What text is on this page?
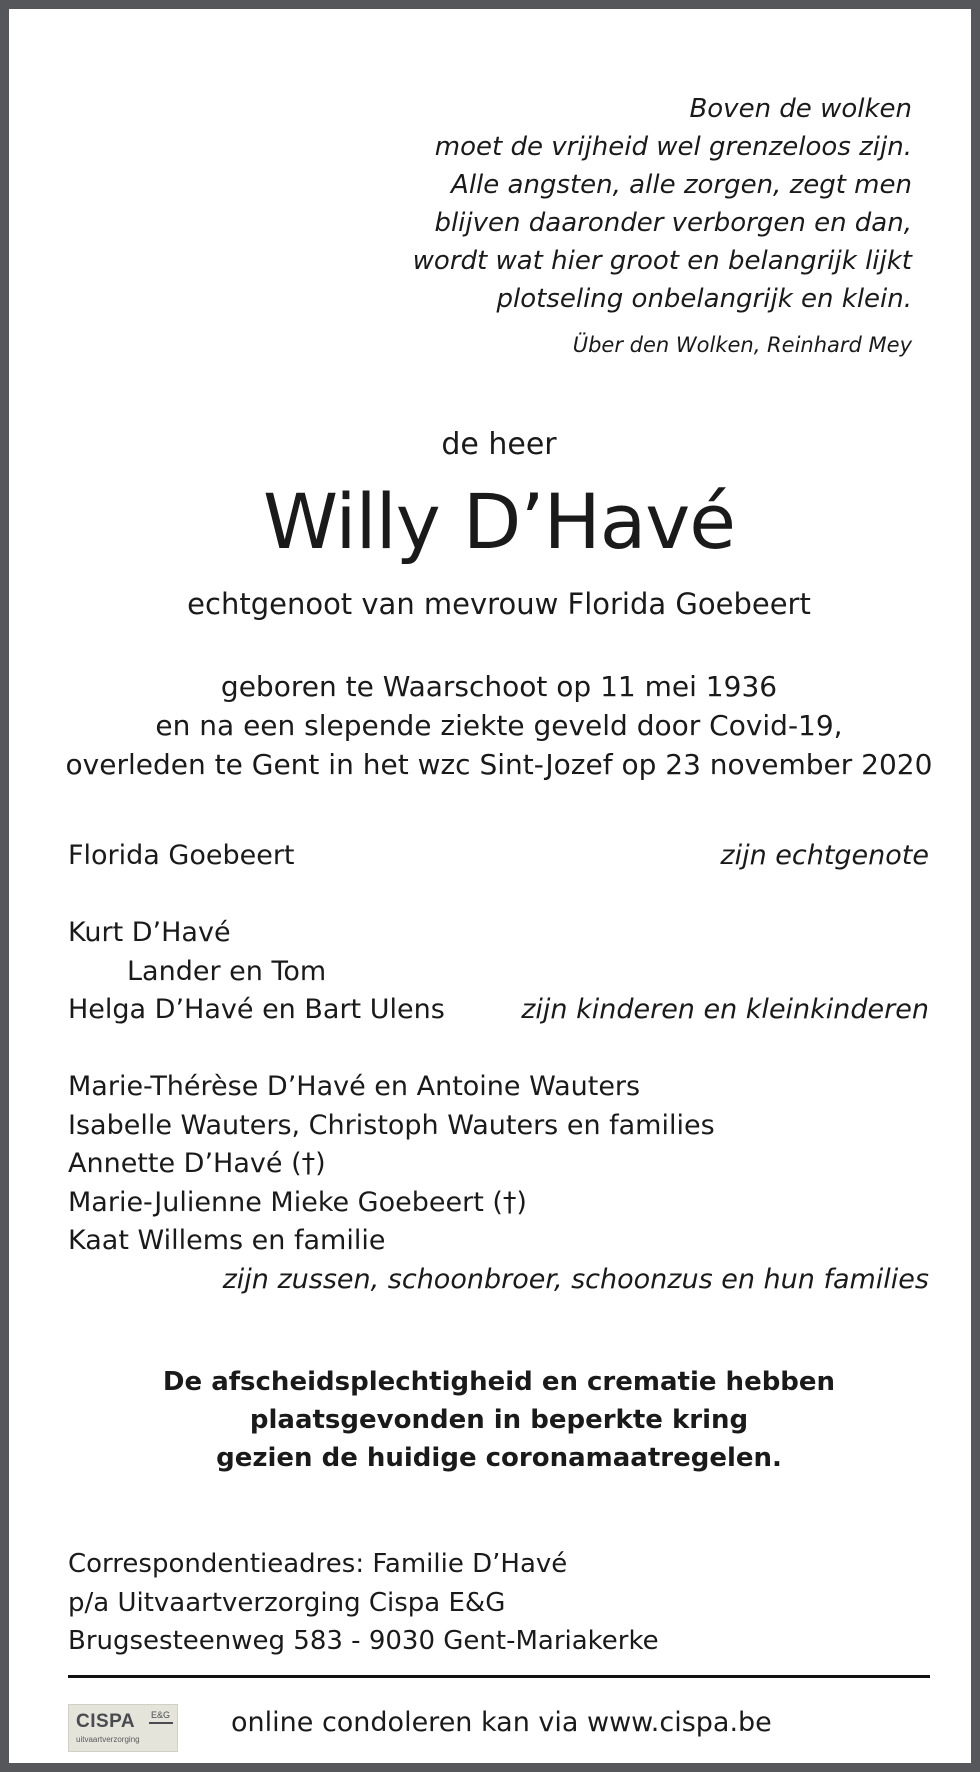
Boven de wolken
moet de vrijheid wel grenzeloos zijn.
Alle angsten, alle zorgen, zegt men
blijven daaronder verborgen en dan,
wordt wat hier groot en belangrijk lijkt
plotseling onbelangrijk en klein.
Über den Wolken, Reinhard Mey
de heer
Willy D’Havé
echtgenoot van mevrouw Florida Goebeert
geboren te Waarschoot op 11 mei 1936
en na een slepende ziekte geveld door Covid-19,
overleden te Gent in het wzc Sint-Jozef op 23 november 2020
Florida Goebeert	zijn echtgenote
Kurt D’Havé
Lander en Tom
Helga D’Havé en Bart Ulens	zijn kinderen en kleinkinderen
Marie-Thérèse D’Havé en Antoine Wauters
Isabelle Wauters, Christoph Wauters en families
Annette D’Havé (†)
Marie-Julienne Mieke Goebeert (†)
Kaat Willems en familie
zijn zussen, schoonbroer, schoonzus en hun families
De afscheidsplechtigheid en crematie hebben
plaatsgevonden in beperkte kring
gezien de huidige coronamaatregelen.
Correspondentieadres: Familie D’Havé
p/a Uitvaartverzorging Cispa E&G
Brugsesteenweg 583 - 9030 Gent-Mariakerke
CISPA E&G
uitvaartverzorging
online condoleren kan via www.cispa.be
